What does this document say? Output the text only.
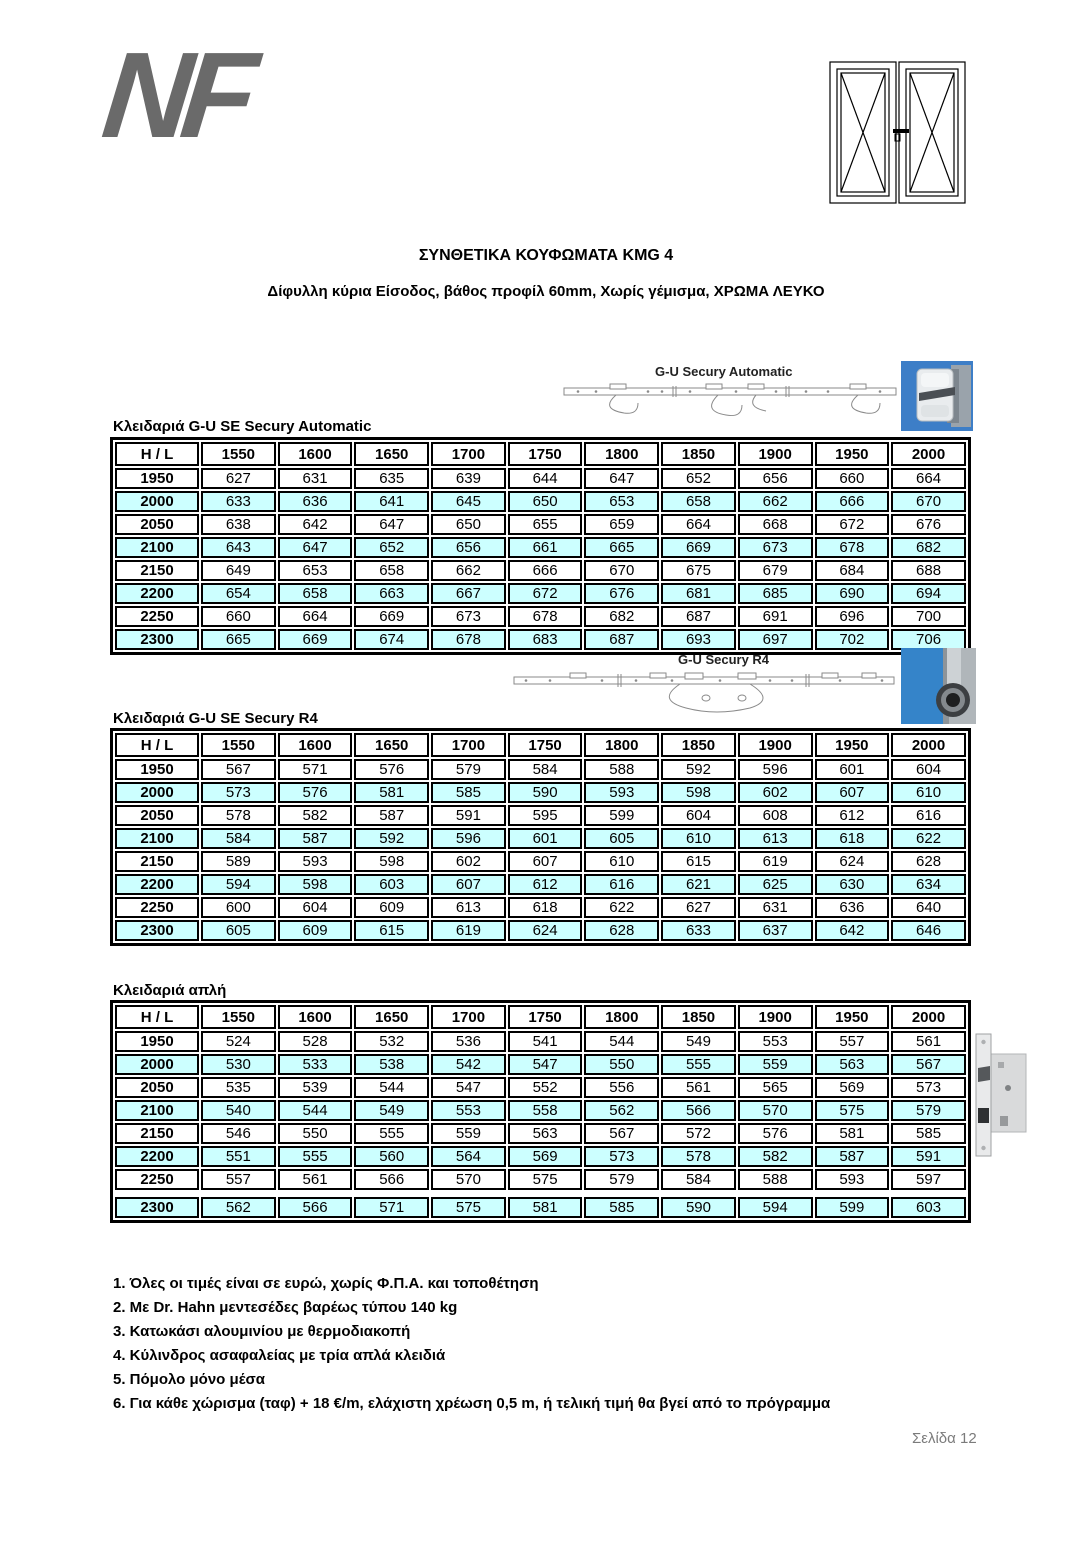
NF
ΣΥΝΘΕΤΙΚΑ ΚΟΥΦΩΜΑΤΑ KMG 4
Δίφυλλη κύρια Είσοδος, βάθος προφίλ 60mm, Χωρίς γέμισμα, ΧΡΩΜΑ ΛΕΥΚΟ
G-U Secury Automatic
Κλειδαριά G-U SE Secury Automatic
H / L	1550	1600	1650	1700	1750	1800	1850	1900	1950	2000
1950	627	631	635	639	644	647	652	656	660	664
2000	633	636	641	645	650	653	658	662	666	670
2050	638	642	647	650	655	659	664	668	672	676
2100	643	647	652	656	661	665	669	673	678	682
2150	649	653	658	662	666	670	675	679	684	688
2200	654	658	663	667	672	676	681	685	690	694
2250	660	664	669	673	678	682	687	691	696	700
2300	665	669	674	678	683	687	693	697	702	706
G-U Secury R4
Κλειδαριά G-U SE Secury R4
H / L	1550	1600	1650	1700	1750	1800	1850	1900	1950	2000
1950	567	571	576	579	584	588	592	596	601	604
2000	573	576	581	585	590	593	598	602	607	610
2050	578	582	587	591	595	599	604	608	612	616
2100	584	587	592	596	601	605	610	613	618	622
2150	589	593	598	602	607	610	615	619	624	628
2200	594	598	603	607	612	616	621	625	630	634
2250	600	604	609	613	618	622	627	631	636	640
2300	605	609	615	619	624	628	633	637	642	646
Κλειδαριά απλή
H / L	1550	1600	1650	1700	1750	1800	1850	1900	1950	2000
1950	524	528	532	536	541	544	549	553	557	561
2000	530	533	538	542	547	550	555	559	563	567
2050	535	539	544	547	552	556	561	565	569	573
2100	540	544	549	553	558	562	566	570	575	579
2150	546	550	555	559	563	567	572	576	581	585
2200	551	555	560	564	569	573	578	582	587	591
2250	557	561	566	570	575	579	584	588	593	597

2300	562	566	571	575	581	585	590	594	599	603
1. Όλες οι τιμές είναι σε ευρώ, χωρίς Φ.Π.Α. και τοποθέτηση
2. Με Dr. Hahn μεντεσέδες βαρέως τύπου 140 kg
3. Κατωκάσι αλουμινίου με θερμοδιακοπή
4. Κύλινδρος ασαφαλείας με τρία απλά κλειδιά
5. Πόμολο μόνο μέσα
6. Για κάθε χώρισμα (ταφ) + 18 €/m, ελάχιστη χρέωση 0,5 m, ή τελική τιμή θα βγεί από το πρόγραμμα
Σελίδα 12
